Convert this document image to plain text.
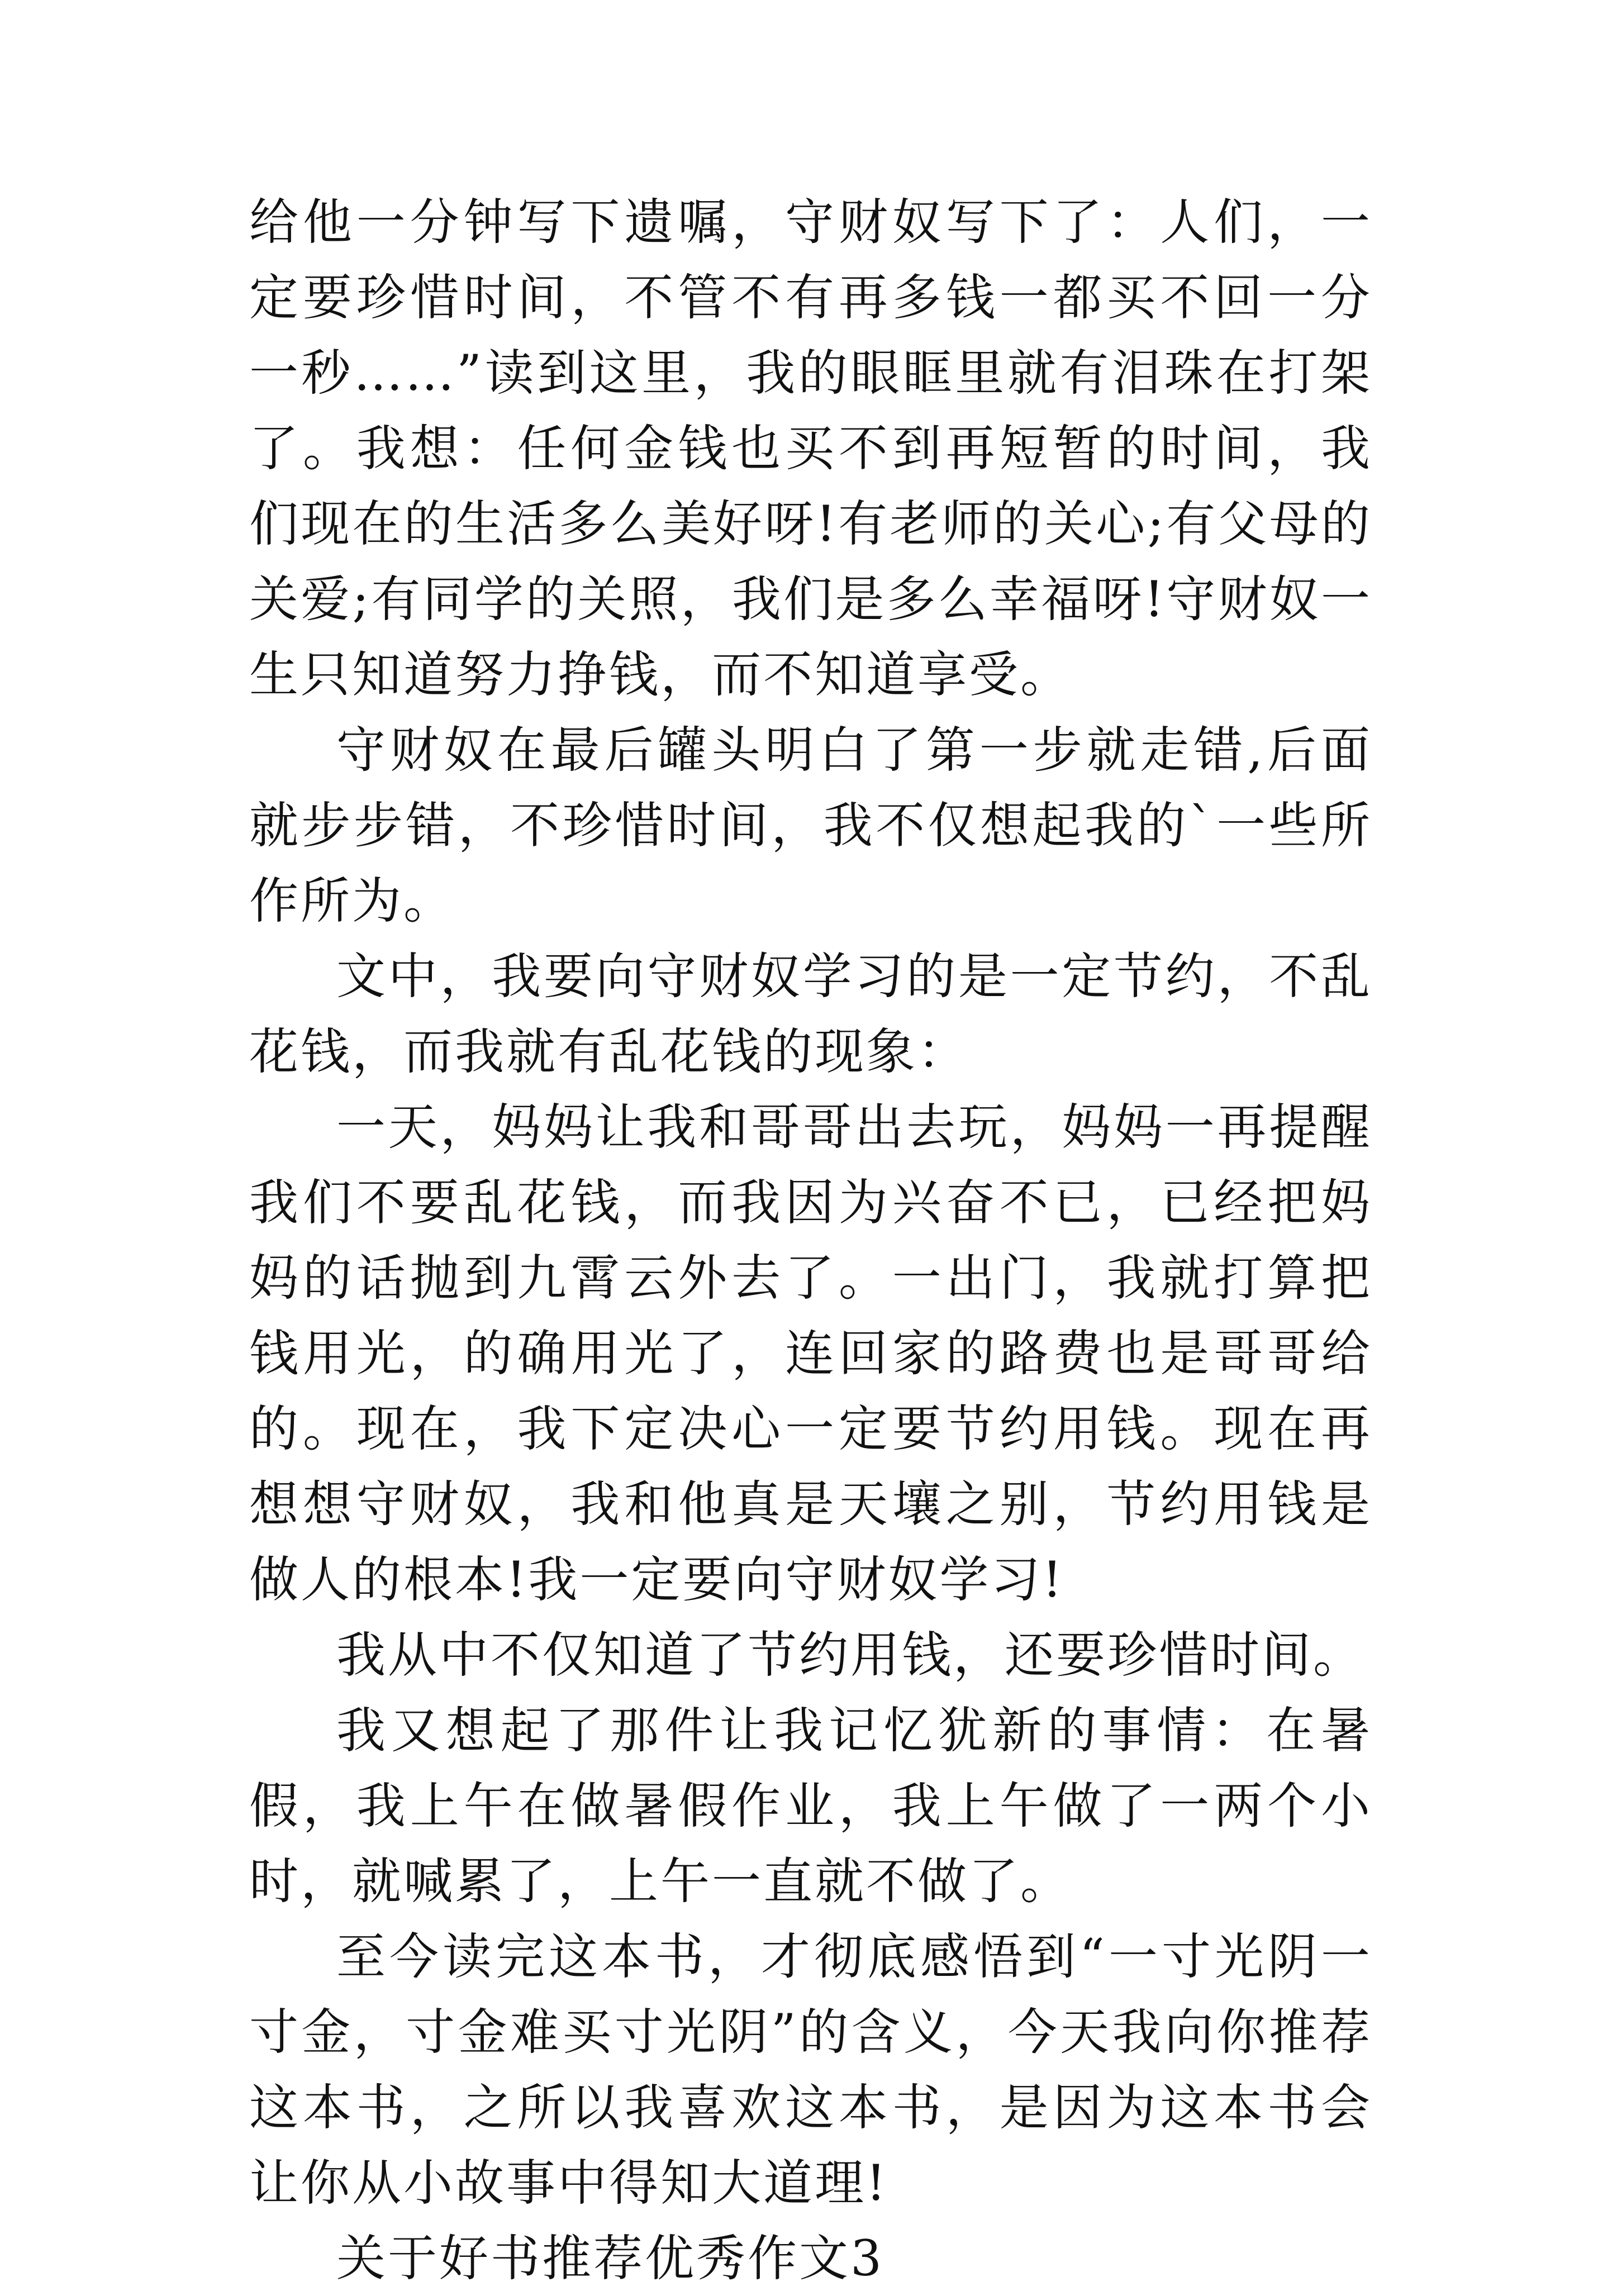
给他一分钟写下遗嘱，守财奴写下了：人们，一定要珍惜时间，不管不有再多钱一都买不回一分一秒……”读到这里，我的眼眶里就有泪珠在打架了。我想：任何金钱也买不到再短暂的时间，我们现在的生活多么美好呀!有老师的关心;有父母的关爱;有同学的关照，我们是多么幸福呀!守财奴一生只知道努力挣钱，而不知道享受。

守财奴在最后罐头明白了第一步就走错,后面就步步错，不珍惜时间，我不仅想起我的`一些所作所为。

文中，我要向守财奴学习的是一定节约，不乱花钱，而我就有乱花钱的现象：

一天，妈妈让我和哥哥出去玩，妈妈一再提醒我们不要乱花钱，而我因为兴奋不已，已经把妈妈的话抛到九霄云外去了。一出门，我就打算把钱用光，的确用光了，连回家的路费也是哥哥给的。现在，我下定决心一定要节约用钱。现在再想想守财奴，我和他真是天壤之别，节约用钱是做人的根本!我一定要向守财奴学习!

我从中不仅知道了节约用钱，还要珍惜时间。

我又想起了那件让我记忆犹新的事情：在暑假，我上午在做暑假作业，我上午做了一两个小时，就喊累了，上午一直就不做了。

至今读完这本书，才彻底感悟到“一寸光阴一寸金，寸金难买寸光阴”的含义，今天我向你推荐这本书，之所以我喜欢这本书，是因为这本书会让你从小故事中得知大道理!

关于好书推荐优秀作文3
